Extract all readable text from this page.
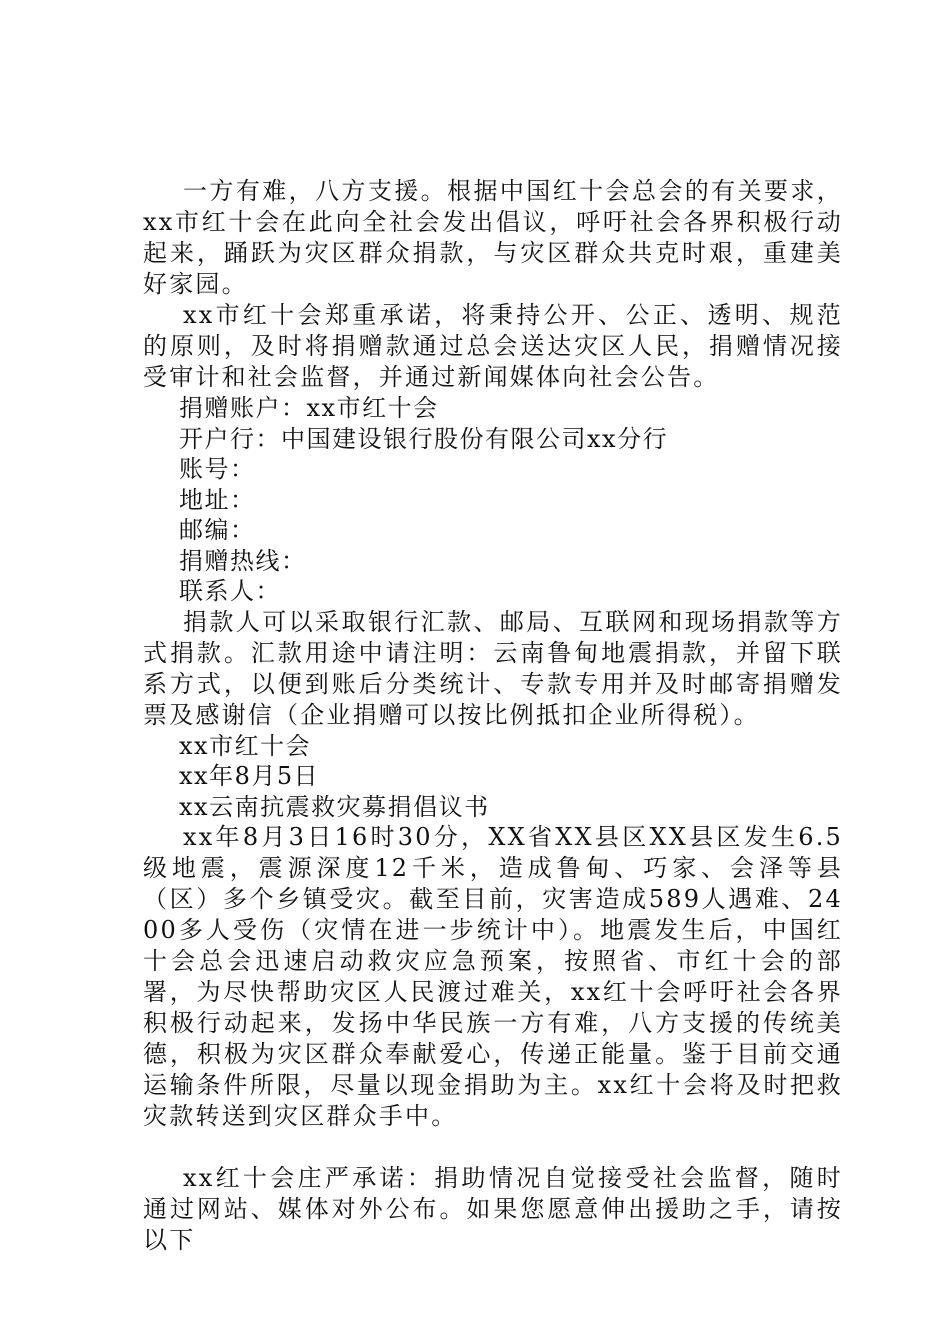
一方有难，八方支援。根据中国红十会总会的有关要求，xx市红十会在此向全社会发出倡议，呼吁社会各界积极行动起来，踊跃为灾区群众捐款，与灾区群众共克时艰，重建美好家园。

xx市红十会郑重承诺，将秉持公开、公正、透明、规范的原则，及时将捐赠款通过总会送达灾区人民，捐赠情况接受审计和社会监督，并通过新闻媒体向社会公告。

捐赠账户：xx市红十会

开户行：中国建设银行股份有限公司xx分行

账号：

地址：

邮编：

捐赠热线：

联系人：

捐款人可以采取银行汇款、邮局、互联网和现场捐款等方式捐款。汇款用途中请注明：云南鲁甸地震捐款，并留下联系方式，以便到账后分类统计、专款专用并及时邮寄捐赠发票及感谢信（企业捐赠可以按比例抵扣企业所得税）。

xx市红十会

xx年8月5日

xx云南抗震救灾募捐倡议书

xx年8月3日16时30分，XX省XX县区XX县区发生6.5级地震，震源深度12千米，造成鲁甸、巧家、会泽等县（区）多个乡镇受灾。截至目前，灾害造成589人遇难、2400多人受伤（灾情在进一步统计中）。地震发生后，中国红十会总会迅速启动救灾应急预案，按照省、市红十会的部署，为尽快帮助灾区人民渡过难关，xx红十会呼吁社会各界积极行动起来，发扬中华民族一方有难，八方支援的传统美德，积极为灾区群众奉献爱心，传递正能量。鉴于目前交通运输条件所限，尽量以现金捐助为主。xx红十会将及时把救灾款转送到灾区群众手中。

xx红十会庄严承诺：捐助情况自觉接受社会监督，随时通过网站、媒体对外公布。如果您愿意伸出援助之手，请按以下
